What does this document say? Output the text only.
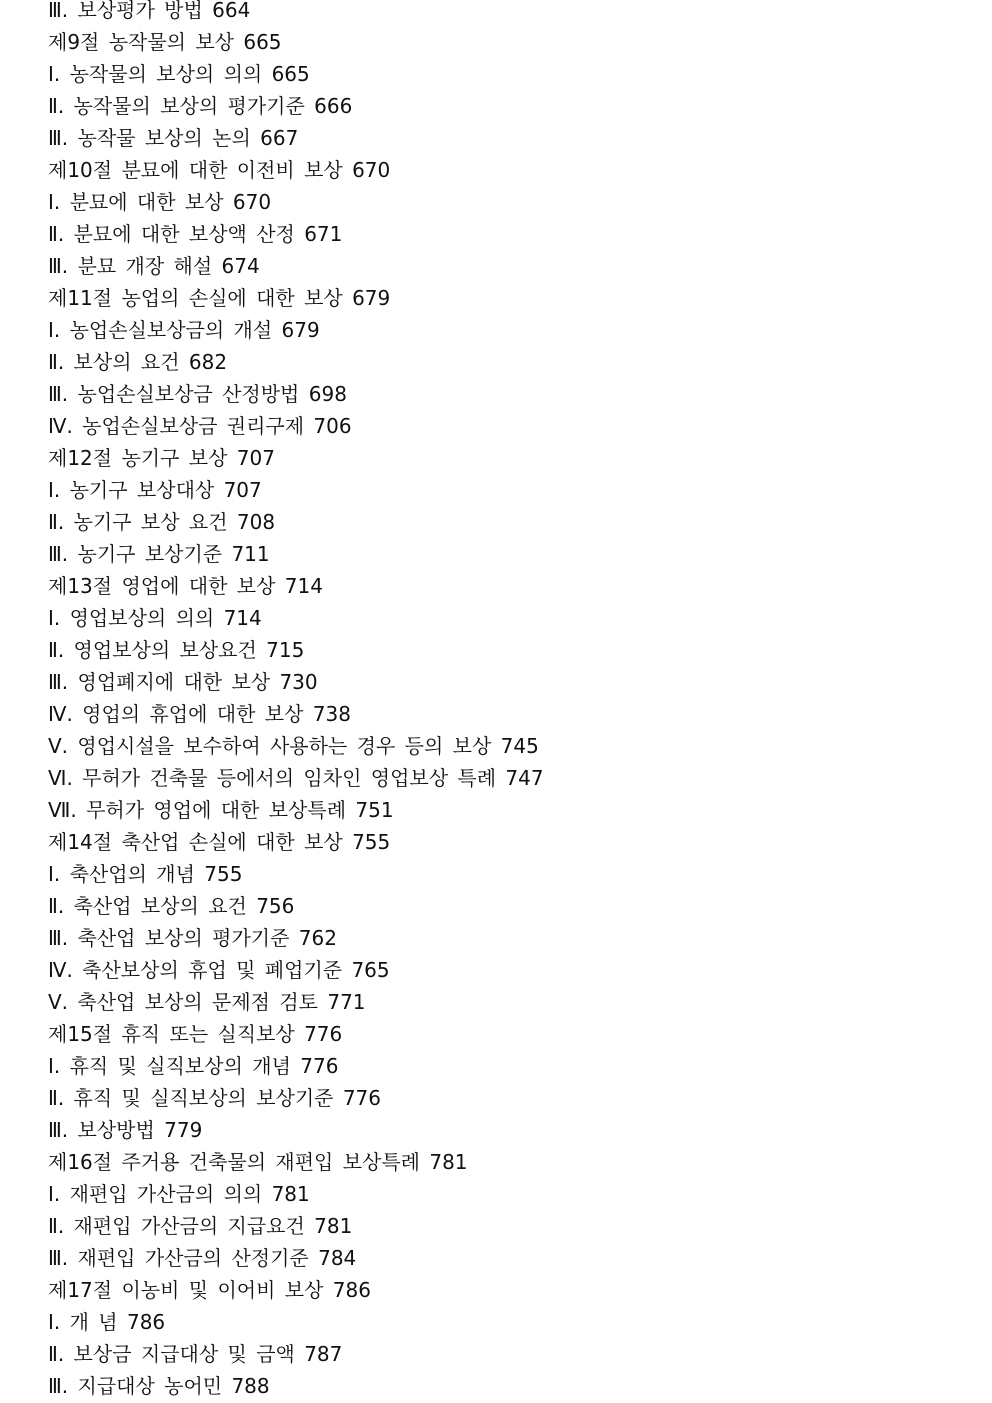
Ⅲ. 보상평가 방법 664
제9절 농작물의 보상 665
Ⅰ. 농작물의 보상의 의의 665
Ⅱ. 농작물의 보상의 평가기준 666
Ⅲ. 농작물 보상의 논의 667
제10절 분묘에 대한 이전비 보상 670
Ⅰ. 분묘에 대한 보상 670
Ⅱ. 분묘에 대한 보상액 산정 671
Ⅲ. 분묘 개장 해설 674
제11절 농업의 손실에 대한 보상 679
Ⅰ. 농업손실보상금의 개설 679
Ⅱ. 보상의 요건 682
Ⅲ. 농업손실보상금 산정방법 698
Ⅳ. 농업손실보상금 권리구제 706
제12절 농기구 보상 707
Ⅰ. 농기구 보상대상 707
Ⅱ. 농기구 보상 요건 708
Ⅲ. 농기구 보상기준 711
제13절 영업에 대한 보상 714
Ⅰ. 영업보상의 의의 714
Ⅱ. 영업보상의 보상요건 715
Ⅲ. 영업폐지에 대한 보상 730
Ⅳ. 영업의 휴업에 대한 보상 738
Ⅴ. 영업시설을 보수하여 사용하는 경우 등의 보상 745
Ⅵ. 무허가 건축물 등에서의 임차인 영업보상 특례 747
Ⅶ. 무허가 영업에 대한 보상특례 751
제14절 축산업 손실에 대한 보상 755
Ⅰ. 축산업의 개념 755
Ⅱ. 축산업 보상의 요건 756
Ⅲ. 축산업 보상의 평가기준 762
Ⅳ. 축산보상의 휴업 및 폐업기준 765
Ⅴ. 축산업 보상의 문제점 검토 771
제15절 휴직 또는 실직보상 776
Ⅰ. 휴직 및 실직보상의 개념 776
Ⅱ. 휴직 및 실직보상의 보상기준 776
Ⅲ. 보상방법 779
제16절 주거용 건축물의 재편입 보상특례 781
Ⅰ. 재편입 가산금의 의의 781
Ⅱ. 재편입 가산금의 지급요건 781
Ⅲ. 재편입 가산금의 산정기준 784
제17절 이농비 및 이어비 보상 786
Ⅰ. 개 념 786
Ⅱ. 보상금 지급대상 및 금액 787
Ⅲ. 지급대상 농어민 788
